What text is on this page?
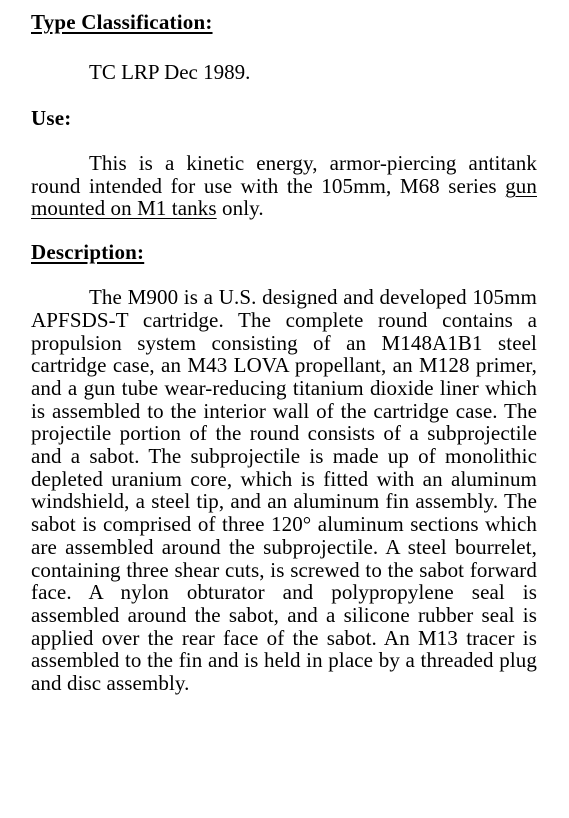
Type Classification:

TC LRP Dec 1989.

Use:

This is a kinetic energy, armor-piercing antitank round intended for use with the 105mm, M68 series gun mounted on M1 tanks only.

Description:

The M900 is a U.S. designed and developed 105mm APFSDS-T cartridge. The complete round contains a propulsion system consisting of an M148A1B1 steel cartridge case, an M43 LOVA propellant, an M128 primer, and a gun tube wear-reducing titanium dioxide liner which is assembled to the interior wall of the cartridge case. The projectile portion of the round consists of a subprojectile and a sabot. The subprojectile is made up of monolithic depleted uranium core, which is fitted with an aluminum windshield, a steel tip, and an aluminum fin assembly. The sabot is comprised of three 120° aluminum sections which are assembled around the subprojectile. A steel bourrelet, containing three shear cuts, is screwed to the sabot forward face. A nylon obturator and polypropylene seal is assembled around the sabot, and a silicone rubber seal is applied over the rear face of the sabot. An M13 tracer is assembled to the fin and is held in place by a threaded plug and disc assembly.
